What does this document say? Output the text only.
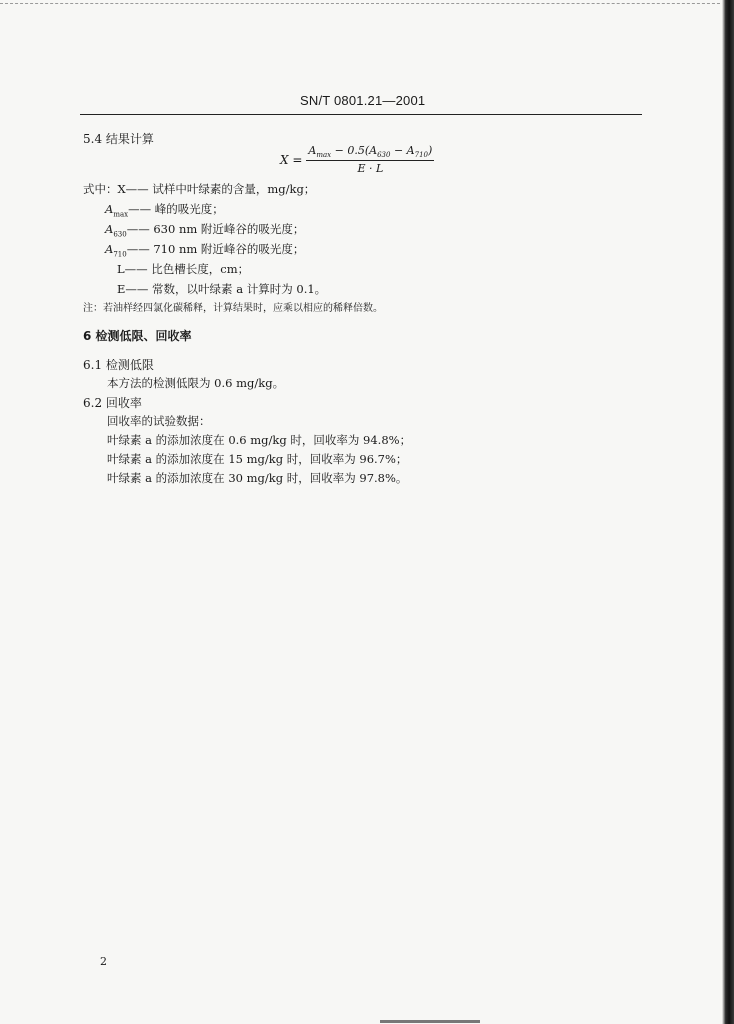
SN/T 0801.21—2001
5.4 结果计算
$X = \frac{A_{max} - 0.5(A_{630} - A_{710})}{E \cdot L}$
式中：X—— 试样中叶绿素的含量，mg/kg；
$A_{max}——$ 峰的吸光度；
$A_{630}——$ 630 nm 附近峰谷的吸光度；
$A_{710}——$ 710 nm 附近峰谷的吸光度；
L—— 比色槽长度，cm；
E—— 常数，以叶绿素 a 计算时为 0.1。
注：若油样经四氯化碳稀释，计算结果时，应乘以相应的稀释倍数。
6 检测低限、回收率
6.1 检测低限
本方法的检测低限为 0.6 mg/kg。
6.2 回收率
回收率的试验数据：
叶绿素 a 的添加浓度在 0.6 mg/kg 时，回收率为 94.8%；
叶绿素 a 的添加浓度在 15 mg/kg 时，回收率为 96.7%；
叶绿素 a 的添加浓度在 30 mg/kg 时，回收率为 97.8%。
2
